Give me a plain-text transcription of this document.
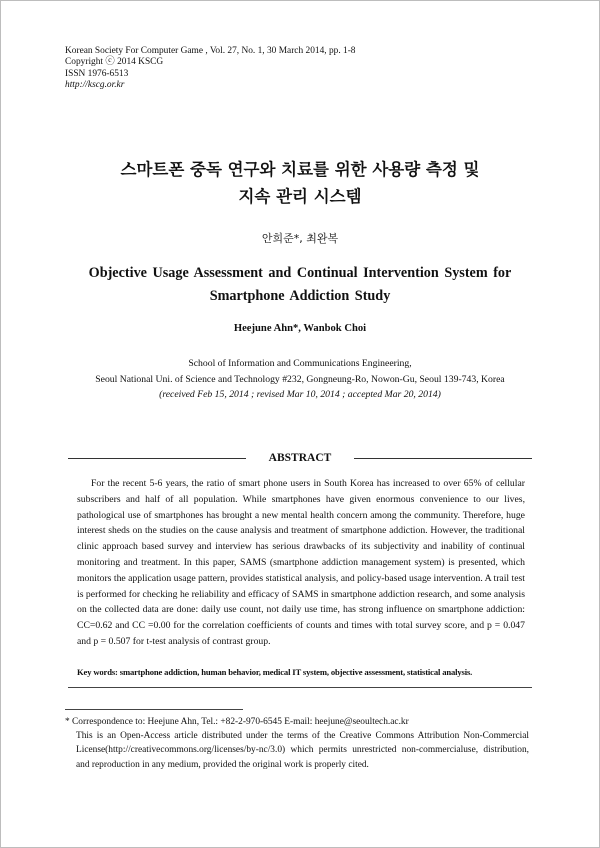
Korean Society For Computer Game , Vol. 27, No. 1, 30 March 2014, pp. 1-8
Copyright ⓒ 2014 KSCG
ISSN 1976-6513
http://kscg.or.kr
스마트폰 중독 연구와 치료를 위한 사용량 측정 및
지속 관리 시스템
안희준*, 최완복
Objective Usage Assessment and Continual Intervention System for
Smartphone Addiction Study
Heejune Ahn*, Wanbok Choi
School of Information and Communications Engineering,
Seoul National Uni. of Science and Technology #232, Gongneung-Ro, Nowon-Gu, Seoul 139-743, Korea
(received Feb 15, 2014 ; revised Mar 10, 2014 ; accepted Mar 20, 2014)
ABSTRACT
For the recent 5-6 years, the ratio of smart phone users in South Korea has increased to over 65% of cellular subscribers and half of all population. While smartphones have given enormous convenience to our lives, pathological use of smartphones has brought a new mental health concern among the community. Therefore, huge interest sheds on the studies on the cause analysis and treatment of smartphone addiction. However, the traditional clinic approach based survey and interview has serious drawbacks of its subjectivity and inability of continual monitoring and treatment. In this paper, SAMS (smartphone addiction management system) is presented, which monitors the application usage pattern, provides statistical analysis, and policy-based usage intervention. A trail test is performed for checking he reliability and efficacy of SAMS in smartphone addiction research, and some analysis on the collected data are done: daily use count, not daily use time, has strong influence on smartphone addiction: CC=0.62 and CC =0.00 for the correlation coefficients of counts and times with total survey score, and p = 0.047 and p = 0.507 for t-test analysis of contrast group.
Key words: smartphone addiction, human behavior, medical IT system, objective assessment, statistical analysis.
* Correspondence to: Heejune Ahn, Tel.: +82-2-970-6545 E-mail: heejune@seoultech.ac.kr
This is an Open-Access article distributed under the terms of the Creative Commons Attribution Non-Commercial License(http://creativecommons.org/licenses/by-nc/3.0) which permits unrestricted non-commercialuse, distribution, and reproduction in any medium, provided the original work is properly cited.
